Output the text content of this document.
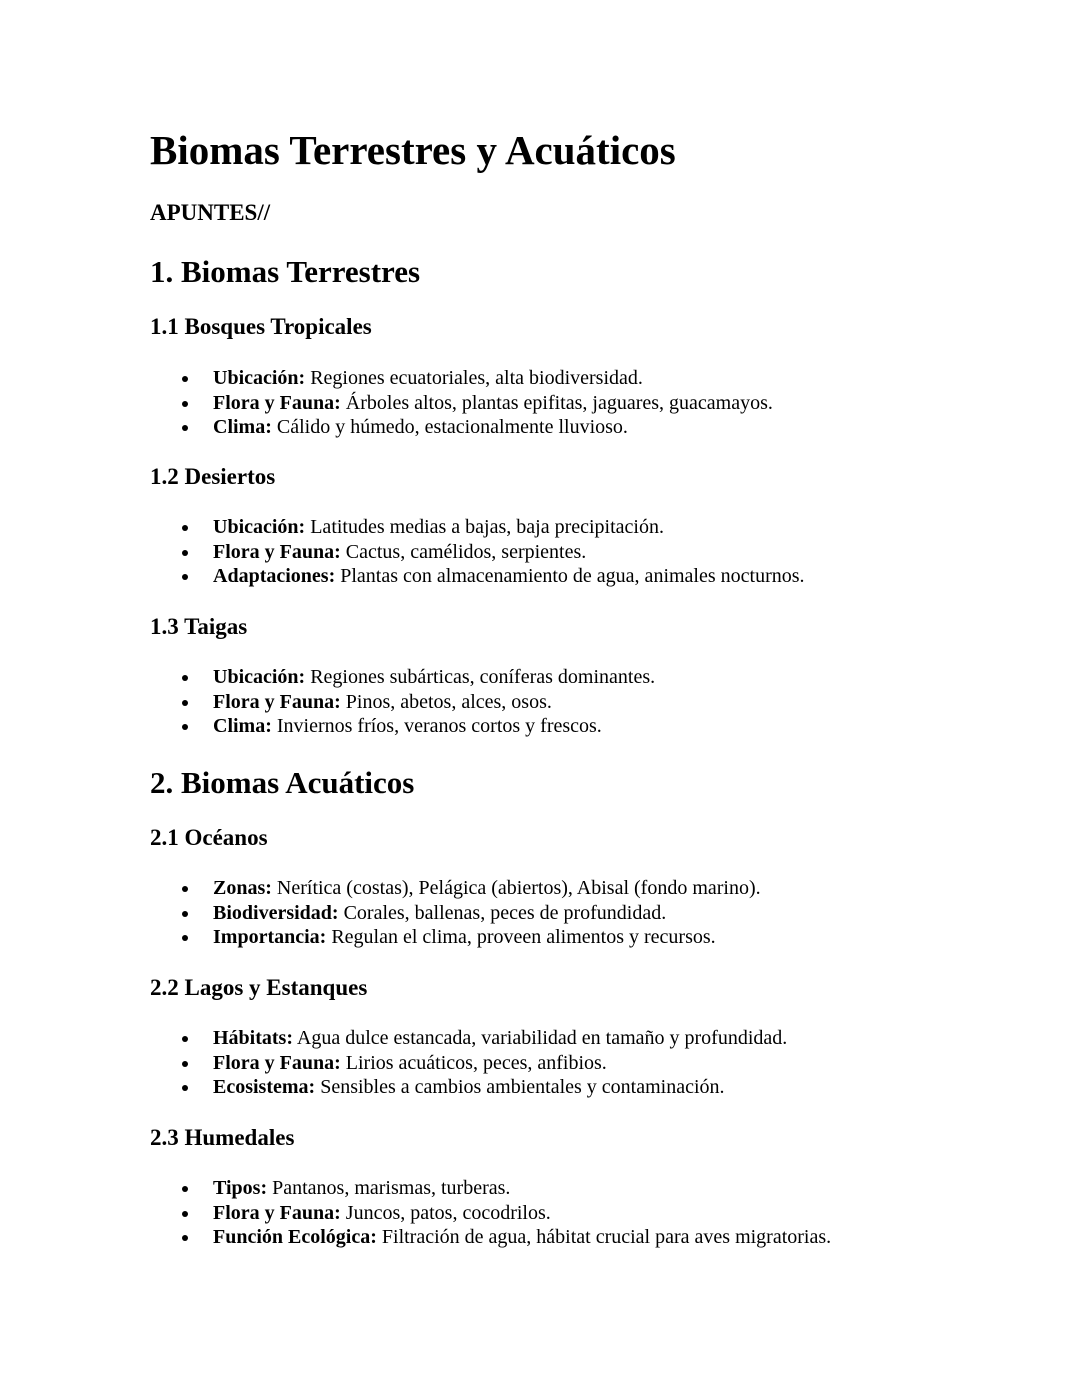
Biomas Terrestres y Acuáticos
APUNTES//
1. Biomas Terrestres
1.1 Bosques Tropicales
Ubicación: Regiones ecuatoriales, alta biodiversidad.
Flora y Fauna: Árboles altos, plantas epifitas, jaguares, guacamayos.
Clima: Cálido y húmedo, estacionalmente lluvioso.
1.2 Desiertos
Ubicación: Latitudes medias a bajas, baja precipitación.
Flora y Fauna: Cactus, camélidos, serpientes.
Adaptaciones: Plantas con almacenamiento de agua, animales nocturnos.
1.3 Taigas
Ubicación: Regiones subárticas, coníferas dominantes.
Flora y Fauna: Pinos, abetos, alces, osos.
Clima: Inviernos fríos, veranos cortos y frescos.
2. Biomas Acuáticos
2.1 Océanos
Zonas: Nerítica (costas), Pelágica (abiertos), Abisal (fondo marino).
Biodiversidad: Corales, ballenas, peces de profundidad.
Importancia: Regulan el clima, proveen alimentos y recursos.
2.2 Lagos y Estanques
Hábitats: Agua dulce estancada, variabilidad en tamaño y profundidad.
Flora y Fauna: Lirios acuáticos, peces, anfibios.
Ecosistema: Sensibles a cambios ambientales y contaminación.
2.3 Humedales
Tipos: Pantanos, marismas, turberas.
Flora y Fauna: Juncos, patos, cocodrilos.
Función Ecológica: Filtración de agua, hábitat crucial para aves migratorias.
